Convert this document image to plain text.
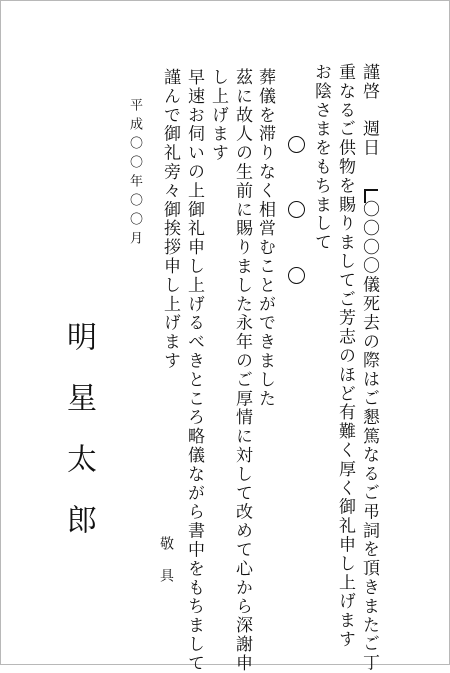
謹啓　週日
〇〇〇〇儀死去の際はご懇篤なるご弔詞を頂きまたご丁
重なるご供物を賜りましてご芳志のほど有難く厚く御礼申し上げます
お陰さまをもちまして
葬儀を滞りなく相営むことができました
茲に故人の生前に賜りました永年のご厚情に対して改めて心から深謝申
し上げます
早速お伺いの上御礼申し上げるべきところ略儀ながら書中をもちまして
謹んで御礼旁々御挨拶申し上げます
敬具
平成〇〇年〇〇月
明星太郎
